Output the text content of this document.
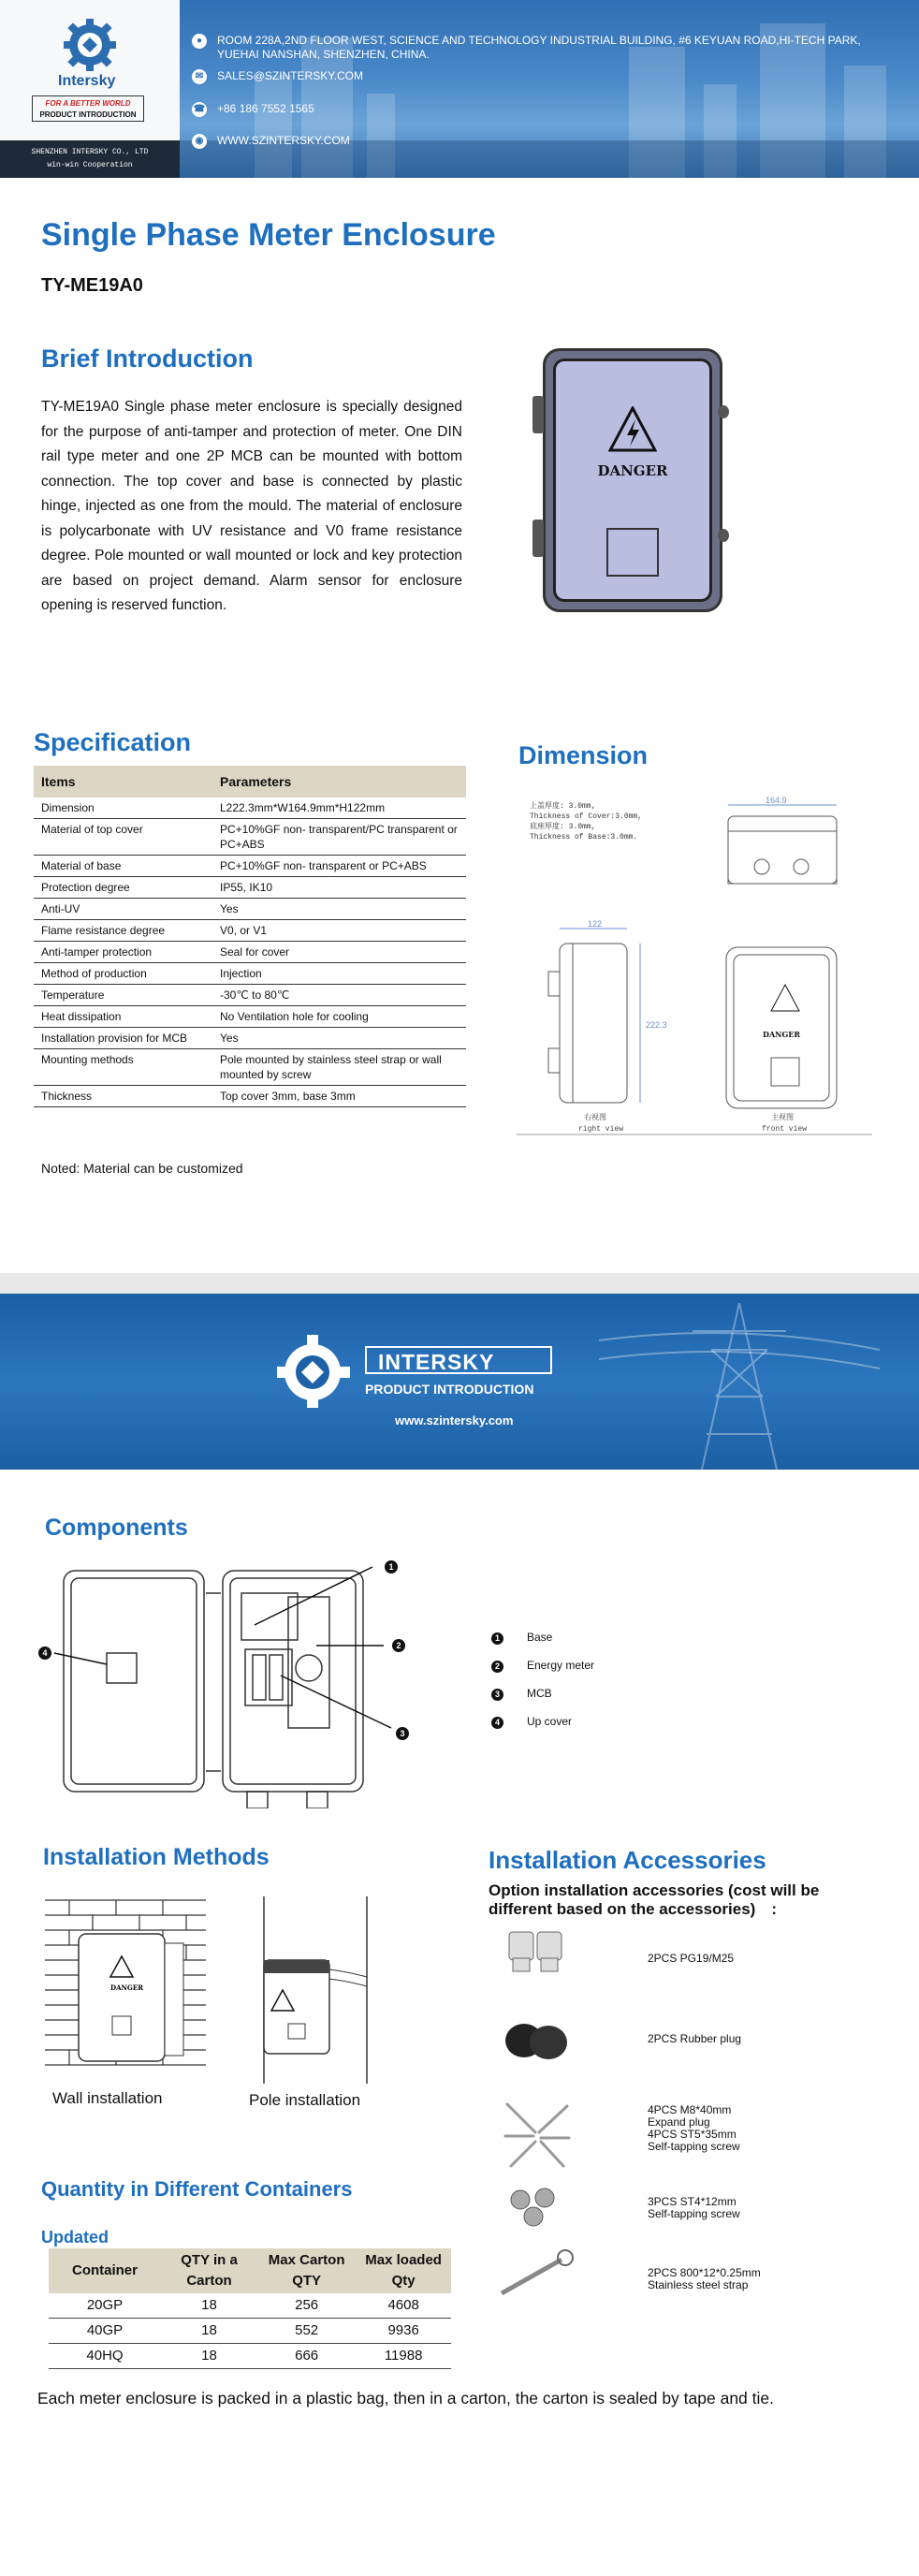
Intersky
FOR A BETTER WORLD
PRODUCT INTRODUCTION
SHENZHEN INTERSKY CO., LTD
win-win Cooperation
●	ROOM 228A,2ND FLOOR WEST, SCIENCE AND TECHNOLOGY INDUSTRIAL BUILDING, #6 KEYUAN ROAD,HI-TECH PARK, YUEHAI NANSHAN, SHENZHEN, CHINA.
✉	SALES@SZINTERSKY.COM
☎ +86 186 7552 1565
◉	WWW.SZINTERSKY.COM
Single Phase Meter Enclosure
TY-ME19A0
Brief Introduction
TY-ME19A0 Single phase meter enclosure is specially designed for the purpose of anti-tamper and protection of meter. One DIN rail type meter and one 2P MCB can be mounted with bottom connection. The top cover and base is connected by plastic hinge, injected as one from the mould. The material of enclosure is polycarbonate with UV resistance and V0 frame resistance degree. Pole mounted or wall mounted or lock and key protection are based on project demand. Alarm sensor for enclosure opening is reserved function.
DANGER
Specification
Items	Parameters
Dimension	L222.3mm*W164.9mm*H122mm
Material of top cover	PC+10%GF non- transparent/PC transparent or PC+ABS
Material of base	PC+10%GF non- transparent or PC+ABS
Protection degree	IP55, IK10
Anti-UV	Yes
Flame resistance degree	V0, or V1
Anti-tamper protection	Seal for cover
Method of production	Injection
Temperature	-30℃ to 80℃
Heat dissipation	No Ventilation hole for cooling
Installation provision for MCB	Yes
Mounting methods	Pole mounted by stainless steel strap or wall mounted by screw
Thickness	Top cover 3mm, base 3mm
Noted: Material can be customized
Dimension
上盖厚度: 3.0mm,
Thickness of Cover:3.0mm,
底座厚度: 3.0mm,
Thickness of Base:3.0mm.
164.9
122
222.3
DANGER
右视图
right view
主视图
front view
INTERSKY
PRODUCT INTRODUCTION
www.szintersky.com
Components
1
2
3
4
1 Base
2 Energy meter
3 MCB
4 Up cover
Installation Methods
DANGER
Wall installation	Pole installation
Installation Accessories
Option installation accessories (cost will be different based on the accessories)　:
2PCS PG19/M25
2PCS Rubber plug
4PCS M8*40mm
Expand plug
4PCS ST5*35mm
Self-tapping screw
3PCS ST4*12mm
Self-tapping screw
2PCS 800*12*0.25mm
Stainless steel strap
Quantity in Different Containers
Updated
Container	QTY in a Carton	Max Carton QTY	Max loaded Qty
20GP	18	256	4608
40GP	18	552	9936
40HQ	18	666	11988
Each meter enclosure is packed in a plastic bag, then in a carton, the carton is sealed by tape and tie.
